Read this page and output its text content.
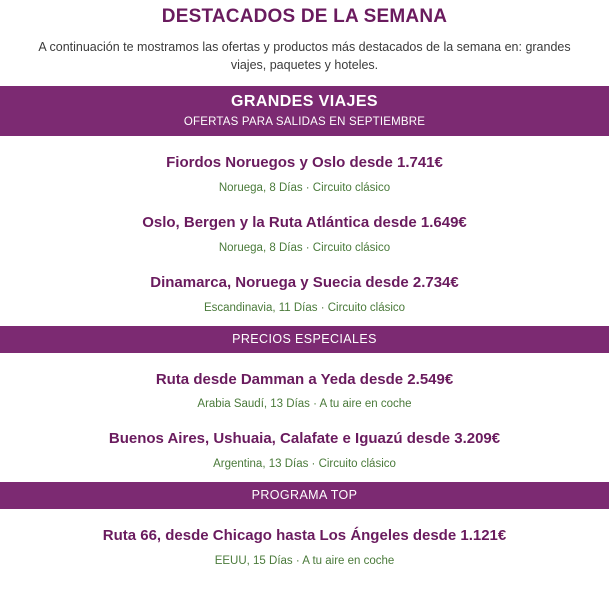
DESTACADOS DE LA SEMANA
A continuación te mostramos las ofertas y productos más destacados de la semana en: grandes viajes, paquetes y hoteles.
GRANDES VIAJES
OFERTAS PARA SALIDAS EN SEPTIEMBRE
Fiordos Noruegos y Oslo desde 1.741€
Noruega, 8 Días · Circuito clásico
Oslo, Bergen y la Ruta Atlántica desde 1.649€
Noruega, 8 Días · Circuito clásico
Dinamarca, Noruega y Suecia desde 2.734€
Escandinavia, 11 Días · Circuito clásico
PRECIOS ESPECIALES
Ruta desde Damman a Yeda desde 2.549€
Arabia Saudí, 13 Días · A tu aire en coche
Buenos Aires, Ushuaia, Calafate e Iguazú desde 3.209€
Argentina, 13 Días · Circuito clásico
PROGRAMA TOP
Ruta 66, desde Chicago hasta Los Ángeles desde 1.121€
EEUU, 15 Días · A tu aire en coche
